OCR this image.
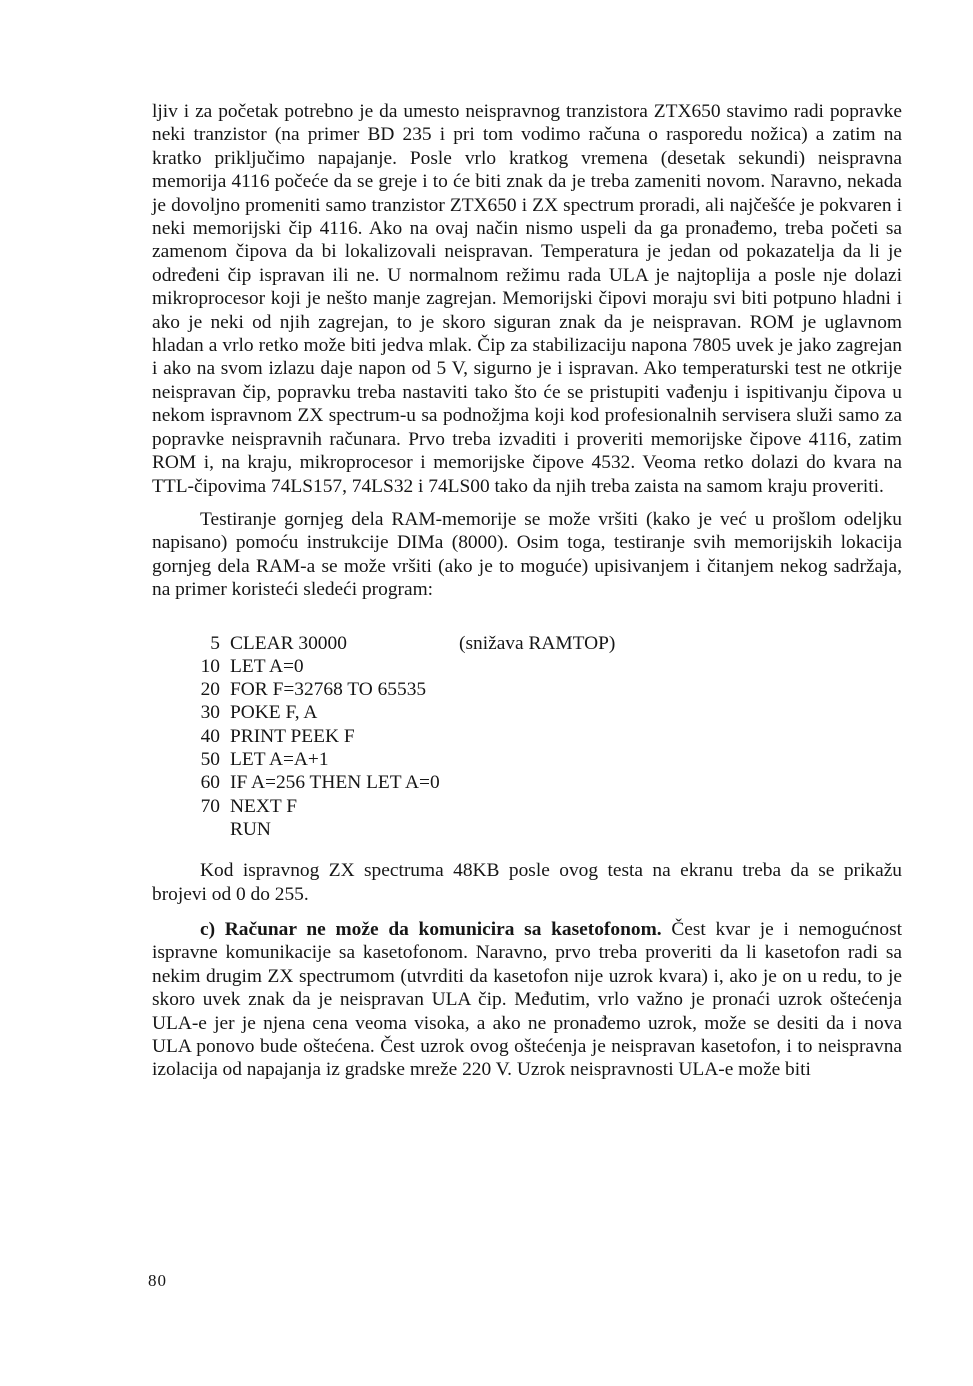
ljiv i za početak potrebno je da umesto neispravnog tranzistora ZTX650 stavimo radi popravke neki tranzistor (na primer BD 235 i pri tom vodimo računa o rasporedu nožica) a zatim na kratko priključimo napajanje. Posle vrlo kratkog vremena (desetak sekundi) neispravna memorija 4116 počeće da se greje i to će biti znak da je treba zameniti novom. Naravno, nekada je dovoljno promeniti samo tranzistor ZTX650 i ZX spectrum proradi, ali najčešće je pokvaren i neki memorijski čip 4116. Ako na ovaj način nismo uspeli da ga pronađemo, treba početi sa zamenom čipova da bi lokalizovali neispravan. Temperatura je jedan od pokazatelja da li je određeni čip ispravan ili ne. U normalnom režimu rada ULA je najtoplija a posle nje dolazi mikroprocesor koji je nešto manje zagrejan. Memorijski čipovi moraju svi biti potpuno hladni i ako je neki od njih zagrejan, to je skoro siguran znak da je neispravan. ROM je uglavnom hladan a vrlo retko može biti jedva mlak. Čip za stabilizaciju napona 7805 uvek je jako zagrejan i ako na svom izlazu daje napon od 5 V, sigurno je i ispravan. Ako temperaturski test ne otkrije neispravan čip, popravku treba nastaviti tako što će se pristupiti vađenju i ispitivanju čipova u nekom ispravnom ZX spectrum-u sa podnožjma koji kod profesionalnih servisera služi samo za popravke neispravnih računara. Prvo treba izvaditi i proveriti memorijske čipove 4116, zatim ROM i, na kraju, mikroprocesor i memorijske čipove 4532. Veoma retko dolazi do kvara na TTL-čipovima 74LS157, 74LS32 i 74LS00 tako da njih treba zaista na samom kraju proveriti.

Testiranje gornjeg dela RAM-memorije se može vršiti (kako je već u prošlom odeljku napisano) pomoću instrukcije DIMa (8000). Osim toga, testiranje svih memorijskih lokacija gornjeg dela RAM-a se može vršiti (ako je to moguće) upisivanjem i čitanjem nekog sadržaja, na primer koristeći sledeći program:

5 CLEAR 30000	(snižava RAMTOP)
10 LET A=0
20 FOR F=32768 TO 65535
30 POKE F, A
40 PRINT PEEK F
50 LET A=A+1
60 IF A=256 THEN LET A=0
70 NEXT F
RUN

Kod ispravnog ZX spectruma 48KB posle ovog testa na ekranu treba da se prikažu brojevi od 0 do 255.

c) Računar ne može da komunicira sa kasetofonom. Čest kvar je i nemogućnost ispravne komunikacije sa kasetofonom. Naravno, prvo treba proveriti da li kasetofon radi sa nekim drugim ZX spectrumom (utvrditi da kasetofon nije uzrok kvara) i, ako je on u redu, to je skoro uvek znak da je neispravan ULA čip. Međutim, vrlo važno je pronaći uzrok oštećenja ULA-e jer je njena cena veoma visoka, a ako ne pronađemo uzrok, može se desiti da i nova ULA ponovo bude oštećena. Čest uzrok ovog oštećenja je neispravan kasetofon, i to neispravna izolacija od napajanja iz gradske mreže 220 V. Uzrok neispravnosti ULA-e može biti

80
